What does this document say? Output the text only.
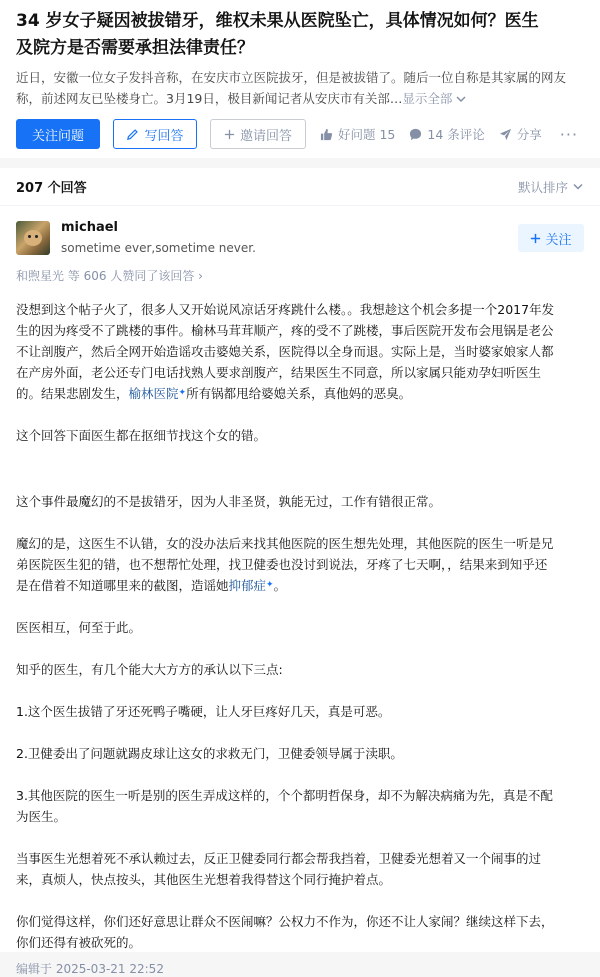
34 岁女子疑因被拔错牙，维权未果从医院坠亡，具体情况如何？医生
及院方是否需要承担法律责任？
近日，安徽一位女子发抖音称，在安庆市立医院拔牙，但是被拔错了。随后一位自称是其家属的网友
称，前述网友已坠楼身亡。3月19日，极目新闻记者从安庆市有关部…显示全部
关注问题	写回答	邀请回答	好问题 15	14 条评论	分享 ···
207 个回答	默认排序
michael
sometime ever,sometime never.
关注
和煦星光 等 606 人赞同了该回答 ›
没想到这个帖子火了，很多人又开始说风凉话牙疼跳什么楼。。我想趁这个机会多提一个2017年发
生的因为疼受不了跳楼的事件。榆林马茸茸顺产，疼的受不了跳楼，事后医院开发布会甩锅是老公
不让剖腹产，然后全网开始造谣攻击婆媳关系，医院得以全身而退。实际上是，当时婆家娘家人都
在产房外面，老公还专门电话找熟人要求剖腹产，结果医生不同意，所以家属只能劝孕妇听医生
的。结果悲剧发生，榆林医院✦所有锅都甩给婆媳关系，真他妈的恶臭。
这个回答下面医生都在抠细节找这个女的错。
这个事件最魔幻的不是拔错牙，因为人非圣贤，孰能无过，工作有错很正常。
魔幻的是，这医生不认错，女的没办法后来找其他医院的医生想先处理，其他医院的医生一听是兄
弟医院医生犯的错，也不想帮忙处理，找卫健委也没讨到说法，牙疼了七天啊，，结果来到知乎还
是在借着不知道哪里来的截图，造谣她抑郁症✦。
医医相互，何至于此。
知乎的医生，有几个能大大方方的承认以下三点:
1.这个医生拔错了牙还死鸭子嘴硬，让人牙巨疼好几天，真是可恶。
2.卫健委出了问题就踢皮球让这女的求救无门，卫健委领导属于渎职。
3.其他医院的医生一听是别的医生弄成这样的，个个都明哲保身，却不为解决病痛为先，真是不配
为医生。
当事医生光想着死不承认赖过去，反正卫健委同行都会帮我挡着，卫健委光想着又一个闹事的过
来，真烦人，快点按头，其他医生光想着我得替这个同行掩护着点。
你们觉得这样，你们还好意思让群众不医闹嘛？公权力不作为，你还不让人家闹？继续这样下去，
你们还得有被砍死的。
编辑于 2025-03-21 22:52
